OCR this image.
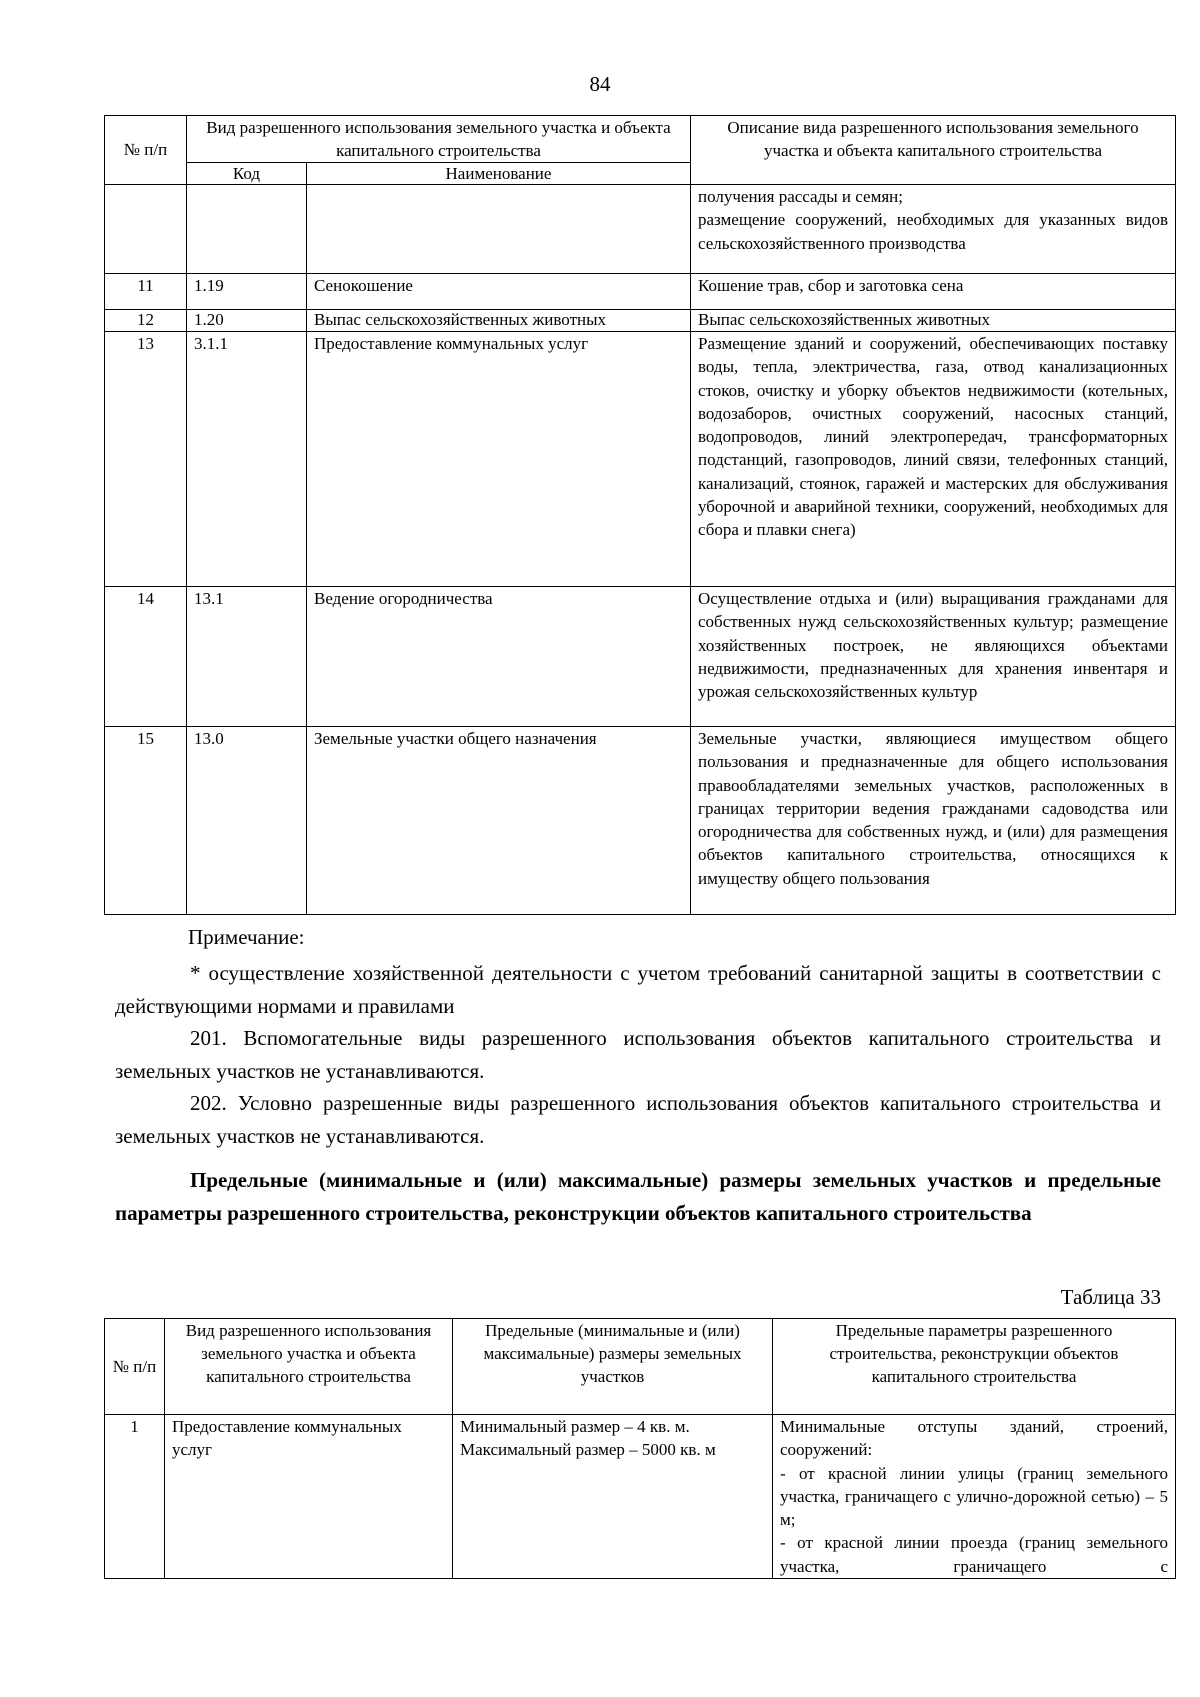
84
№ п/п	Вид разрешенного использования земельного участка и объекта капитального строительства		Описание вида разрешенного использования земельного участка и объекта капитального строительства
	Код	Наименование	

			получения рассады и семян;
размещение сооружений, необходимых для указанных видов сельскохозяйственного производства

11	1.19	Сенокошение	Кошение трав, сбор и заготовка сена
12	1.20	Выпас сельскохозяйственных животных	Выпас сельскохозяйственных животных
13	3.1.1	Предоставление коммунальных услуг	Размещение зданий и сооружений, обеспечивающих поставку воды, тепла, электричества, газа, отвод канализационных стоков, очистку и уборку объектов недвижимости (котельных, водозаборов, очистных сооружений, насосных станций, водопроводов, линий электропередач, трансформаторных подстанций, газопроводов, линий связи, телефонных станций, канализаций, стоянок, гаражей и мастерских для обслуживания уборочной и аварийной техники, сооружений, необходимых для сбора и плавки снега)
14	13.1	Ведение огородничества	Осуществление отдыха и (или) выращивания гражданами для собственных нужд сельскохозяйственных культур; размещение хозяйственных построек, не являющихся объектами недвижимости, предназначенных для хранения инвентаря и урожая сельскохозяйственных культур
15	13.0	Земельные участки общего назначения	Земельные участки, являющиеся имуществом общего пользования и предназначенные для общего использования правообладателями земельных участков, расположенных в границах территории ведения гражданами садоводства или огородничества для собственных нужд, и (или) для размещения объектов капитального строительства, относящихся к имуществу общего пользования
Примечание:

* осуществление хозяйственной деятельности с учетом требований санитарной защиты в соответствии с действующими нормами и правилами

201. Вспомогательные виды разрешенного использования объектов капитального строительства и земельных участков не устанавливаются.

202. Условно разрешенные виды разрешенного использования объектов капитального строительства и земельных участков не устанавливаются.

Предельные (минимальные и (или) максимальные) размеры земельных участков и предельные параметры разрешенного строительства, реконструкции объектов капитального строительства

Таблица 33
№ п/п	Вид разрешенного использования земельного участка и объекта капитального строительства	Предельные (минимальные и (или) максимальные) размеры земельных участков	Предельные параметры разрешенного строительства, реконструкции объектов капитального строительства
1	Предоставление коммунальных услуг	Минимальный размер – 4 кв. м.
Максимальный размер – 5000 кв. м	Минимальные отступы зданий, строений, сооружений:
- от красной линии улицы (границ земельного участка, граничащего с улично-дорожной сетью) – 5 м;
- от красной линии проезда (границ земельного участка, граничащего с
